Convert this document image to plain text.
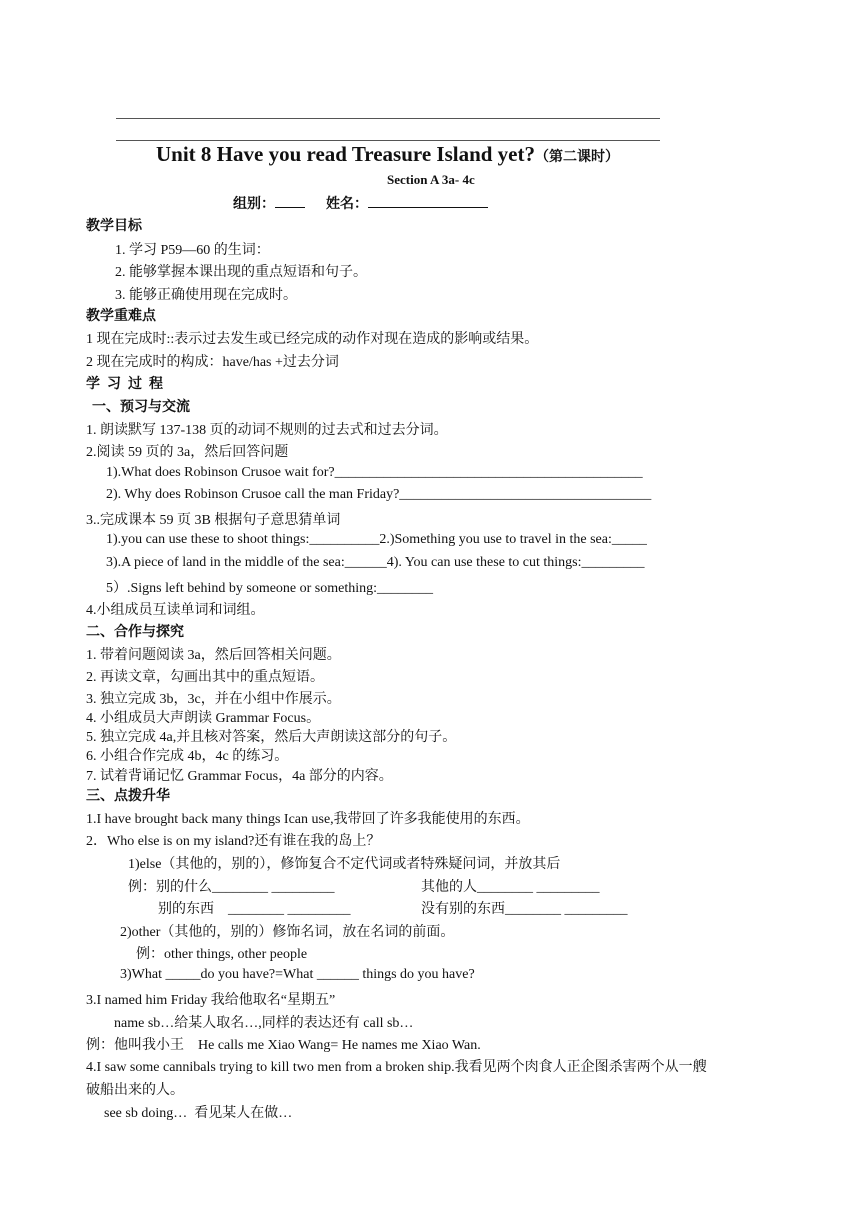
Unit 8 Have you read Treasure Island yet?（第二课时）
Section A 3a- 4c
组别：	姓名：
教学目标
1. 学习 P59—60 的生词：
2. 能够掌握本课出现的重点短语和句子。
3. 能够正确使用现在完成时。
教学重难点
1 现在完成时::表示过去发生或已经完成的动作对现在造成的影响或结果。
2 现在完成时的构成：have/has +过去分词
学  习  过  程
一、预习与交流
1. 朗读默写 137-138 页的动词不规则的过去式和过去分词。
2.阅读 59 页的 3a，然后回答问题
1).What does Robinson Crusoe wait for?____________________________________________
2). Why does Robinson Crusoe call the man Friday?____________________________________
3..完成课本 59 页 3B 根据句子意思猜单词
1).you can use these to shoot things:__________2.)Something you use to travel in the sea:_____
3).A piece of land in the middle of the sea:______4). You can use these to cut things:_________
5）.Signs left behind by someone or something:________
4.小组成员互读单词和词组。
二、合作与探究
1. 带着问题阅读 3a，然后回答相关问题。
2. 再读文章，勾画出其中的重点短语。
3. 独立完成 3b，3c，并在小组中作展示。
4. 小组成员大声朗读 Grammar Focus。
5. 独立完成 4a,并且核对答案，然后大声朗读这部分的句子。
6. 小组合作完成 4b，4c 的练习。
7. 试着背诵记忆 Grammar Focus，4a 部分的内容。
三、点拨升华
1.I have brought back many things Ican use,我带回了许多我能使用的东西。
2．Who else is on my island?还有谁在我的岛上？
1)else（其他的，别的），修饰复合不定代词或者特殊疑问词，并放其后
例：别的什么________ _________	其他的人________ _________
别的东西    ________ _________	没有别的东西________ _________
2)other（其他的，别的）修饰名词，放在名词的前面。
例：other things, other people
3)What _____do you have?=What ______ things do you have?
3.I named him Friday 我给他取名“星期五”
name sb…给某人取名…,同样的表达还有 call sb…
例：他叫我小王    He calls me Xiao Wang= He names me Xiao Wan.
4.I saw some cannibals trying to kill two men from a broken ship.我看见两个肉食人正企图杀害两个从一艘
破船出来的人。
see sb doing…  看见某人在做…
